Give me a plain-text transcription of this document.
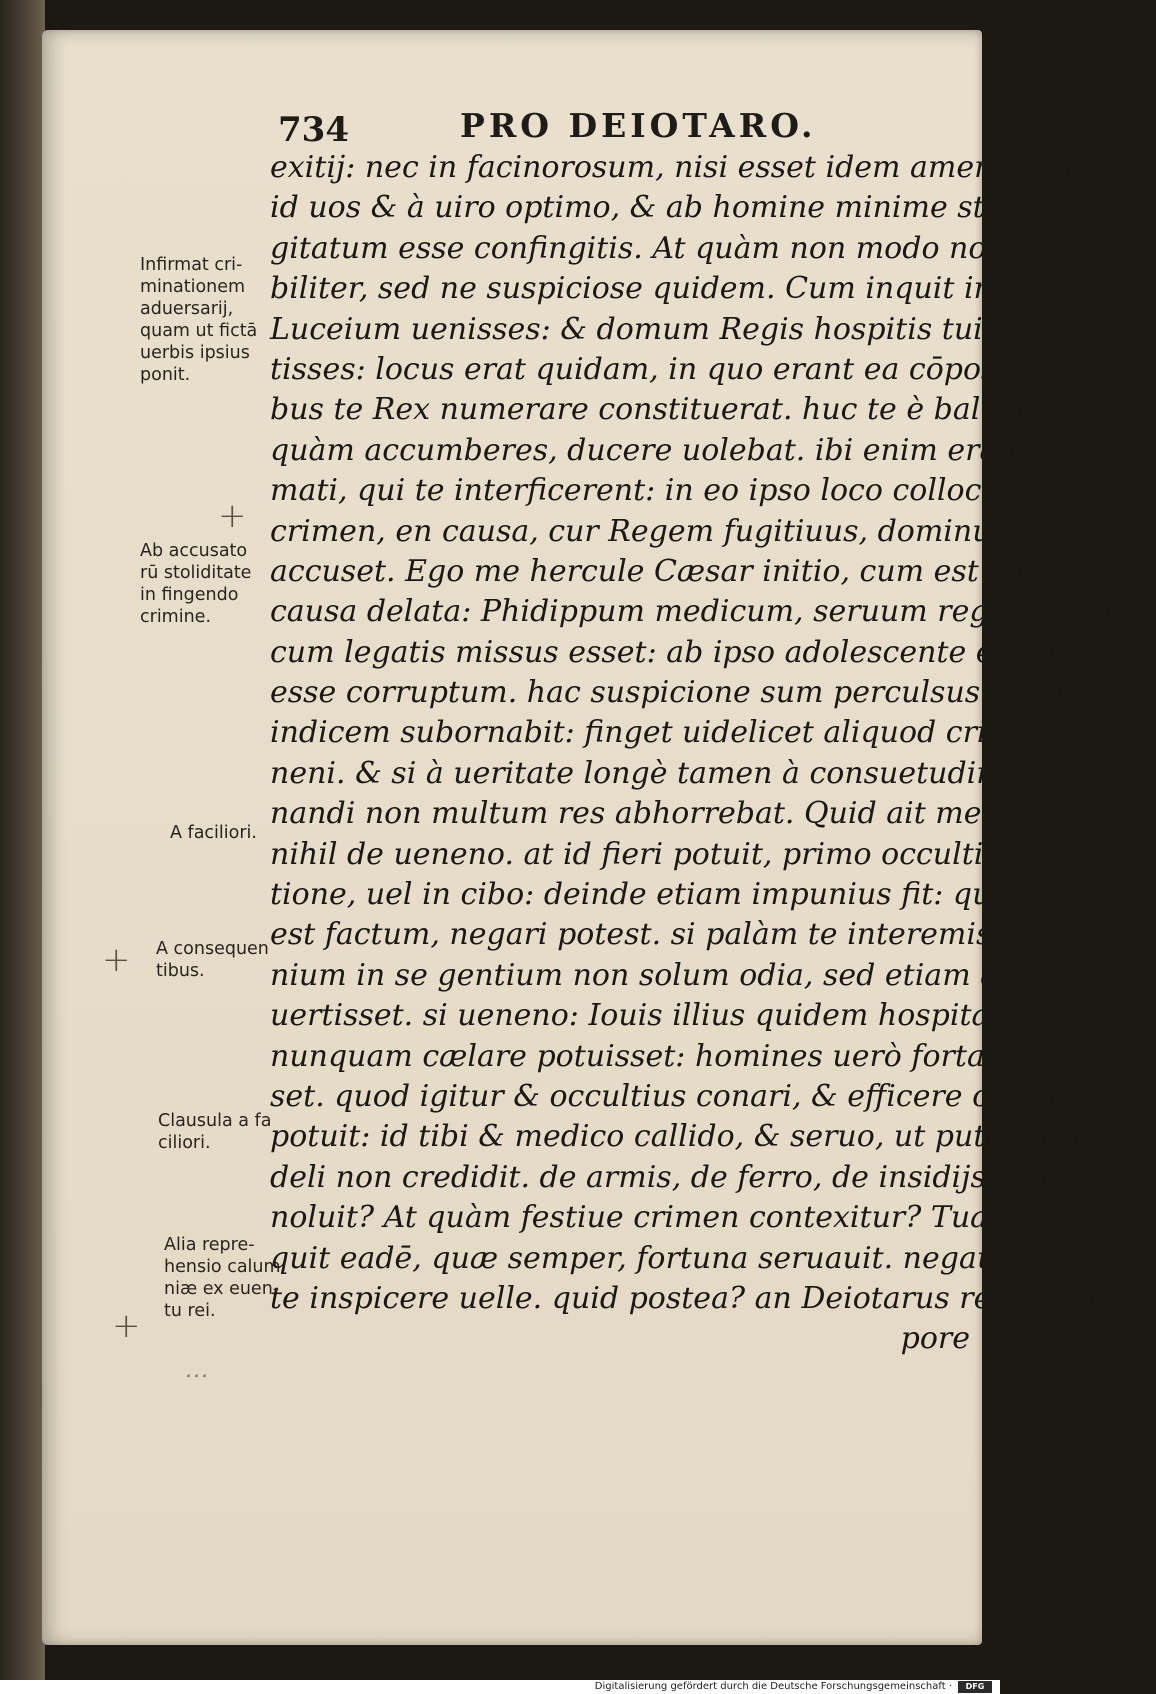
734	PRO DEIOTARO.
exitij: nec in facinorosum, nisi esset idem amentißimus:
id uos & à uiro optimo, & ab homine minime stulto co
gitatum esse confingitis. At quàm non modo non credi=
biliter, sed ne suspiciose quidem. Cum inquit in castellum
Luceium uenisses: & domum Regis hospitis tui diuer=
tisses: locus erat quidam, in quo erant ea cōposita, qui=
bus te Rex numerare constituerat. huc te è balneo, prius
quàm accumberes, ducere uolebat. ibi enim erant ar=
mati, qui te interficerent: in eo ipso loco collocati. En
crimen, en causa, cur Regem fugitiuus, dominum seruus
accuset. Ego me hercule Cæsar initio, cum est ad me ista
causa delata: Phidippum medicum, seruum regium, qui
cum legatis missus esset: ab ipso adolescente existimaui
esse corruptum. hac suspicione sum perculsus: medicum
indicem subornabit: finget uidelicet aliquod crimen ue=
neni. & si à ueritate longè tamen à consuetudine crimi=
nandi non multum res abhorrebat. Quid ait medicus?
nihil de ueneno. at id fieri potuit, primo occultius in po
tione, uel in cibo: deinde etiam impunius fit: quod, cum
est factum, negari potest. si palàm te interemisset: om=
nium in se gentium non solum odia, sed etiam arma cō=
uertisset. si ueneno: Iouis illius quidem hospitalis numen
nunquam cælare potuisset: homines uerò fortasse cælas=
set. quod igitur & occultius conari, & efficere cautius
potuit: id tibi & medico callido, & seruo, ut putabat, fi=
deli non credidit. de armis, de ferro, de insidijs cælare te
noluit? At quàm festiue crimen contexitur? Tua te in=
quit eadē, quæ semper, fortuna seruauit. negauisti tum
te inspicere uelle. quid postea? an Deiotarus re illo tem=
pore
Infirmat cri-
minationem
aduersarij,
quam ut fictā
uerbis ipsius
ponit.
Ab accusato
rū stoliditate
in fingendo
crimine.
A faciliori.
A consequen
tibus.
Clausula a fa
ciliori.
Alia repre-
hensio calum
niæ ex euen-
tu rei.
+
+
+
...
Digitalisierung gefördert durch die Deutsche Forschungsgemeinschaft ·	DFG
